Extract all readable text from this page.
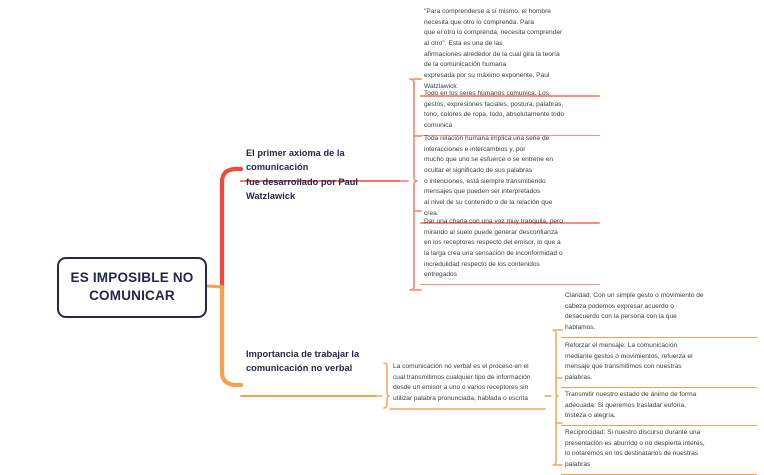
ES IMPOSIBLE NO
COMUNICAR
El primer axioma de la comunicación
fue desarrollado por Paul Watzlawick
"Para comprenderse a sí mismo, el hombre
necesita que otro lo comprenda. Para
que el otro lo comprenda, necesita comprender
al otro". Esta es una de las
afirmaciones alrededor de la cual gira la teoría
de la comunicación humana
expresada por su máximo exponente, Paul
Watzlawick
Todo en los seres humanos comunica. Los
gestos, expresiones faciales, postura, palabras,
tono, colores de ropa, todo, absolutamente todo
comunica
Toda relación humana implica una serie de
interacciones e intercambios y, por
mucho que uno se esfuerce o se entrene en
ocultar el significado de sus palabras
o intenciones, está siempre transmitiendo
mensajes que pueden ser interpretados
al nivel de su contenido o de la relación que
crea.
Dar una charla con una voz muy tranquila, pero
mirando al suelo puede generar desconfianza
en los receptores respecto del emisor, lo que a
la larga crea una sensación de inconformidad o
incredulidad respecto de los contenidos
entregados
Importancia de trabajar la
comunicación no verbal	La comunicación no verbal es el proceso en el
cual transmitimos cualquier tipo de información
desde un emisor a uno o varios receptores sin
utilizar palabra pronunciada, hablada o escrita
Claridad: Con un simple gesto o movimiento de
cabeza podemos expresar acuerdo o
desacuerdo con la persona con la que
hablamos.
Reforzar el mensaje: La comunicación
mediante gestos o movimientos, refuerza el
mensaje que transmitimos con nuestras
palabras.
Transmitir nuestro estado de ánimo de forma
adecuada: Si queremos trasladar euforia,
tristeza o alegría.
Reciprocidad: Si nuestro discurso durante una
presentación es aburrido o no despierta interés,
lo notaremos en los destinatarios de nuestras
palabras
